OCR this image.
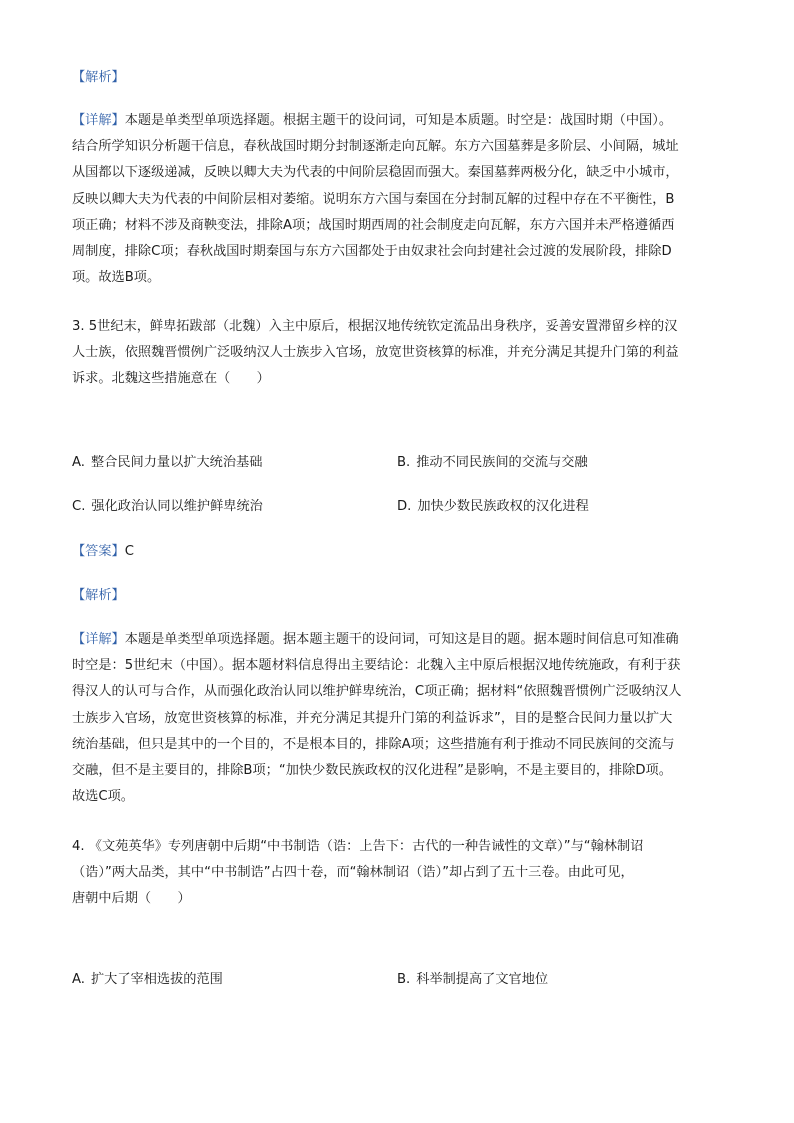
【解析】
【详解】本题是单类型单项选择题。根据主题干的设问词，可知是本质题。时空是：战国时期（中国）。
结合所学知识分析题干信息，春秋战国时期分封制逐渐走向瓦解。东方六国墓葬是多阶层、小间隔，城址
从国都以下逐级递减，反映以卿大夫为代表的中间阶层稳固而强大。秦国墓葬两极分化，缺乏中小城市，
反映以卿大夫为代表的中间阶层相对萎缩。说明东方六国与秦国在分封制瓦解的过程中存在不平衡性，B
项正确；材料不涉及商鞅变法，排除A项；战国时期西周的社会制度走向瓦解，东方六国并未严格遵循西
周制度，排除C项；春秋战国时期秦国与东方六国都处于由奴隶社会向封建社会过渡的发展阶段，排除D
项。故选B项。
3. 5世纪末，鲜卑拓跋部（北魏）入主中原后，根据汉地传统钦定流品出身秩序，妥善安置滞留乡梓的汉
人士族，依照魏晋惯例广泛吸纳汉人士族步入官场，放宽世资核算的标准，并充分满足其提升门第的利益
诉求。北魏这些措施意在（　　）
A. 整合民间力量以扩大统治基础	B. 推动不同民族间的交流与交融
C. 强化政治认同以维护鲜卑统治	D. 加快少数民族政权的汉化进程
【答案】C
【解析】
【详解】本题是单类型单项选择题。据本题主题干的设问词，可知这是目的题。据本题时间信息可知准确
时空是：5世纪末（中国）。据本题材料信息得出主要结论：北魏入主中原后根据汉地传统施政，有利于获
得汉人的认可与合作，从而强化政治认同以维护鲜卑统治，C项正确；据材料“依照魏晋惯例广泛吸纳汉人
士族步入官场，放宽世资核算的标准，并充分满足其提升门第的利益诉求”，目的是整合民间力量以扩大
统治基础，但只是其中的一个目的，不是根本目的，排除A项；这些措施有利于推动不同民族间的交流与
交融，但不是主要目的，排除B项；“加快少数民族政权的汉化进程”是影响，不是主要目的，排除D项。
故选C项。
4. 《文苑英华》专列唐朝中后期“中书制诰（诰：上告下：古代的一种告诫性的文章）”与“翰林制诏
（诰）”两大品类，其中“中书制诰”占四十卷，而“翰林制诏（诰）”却占到了五十三卷。由此可见，
唐朝中后期（　　）
A. 扩大了宰相选拔的范围	B. 科举制提高了文官地位
